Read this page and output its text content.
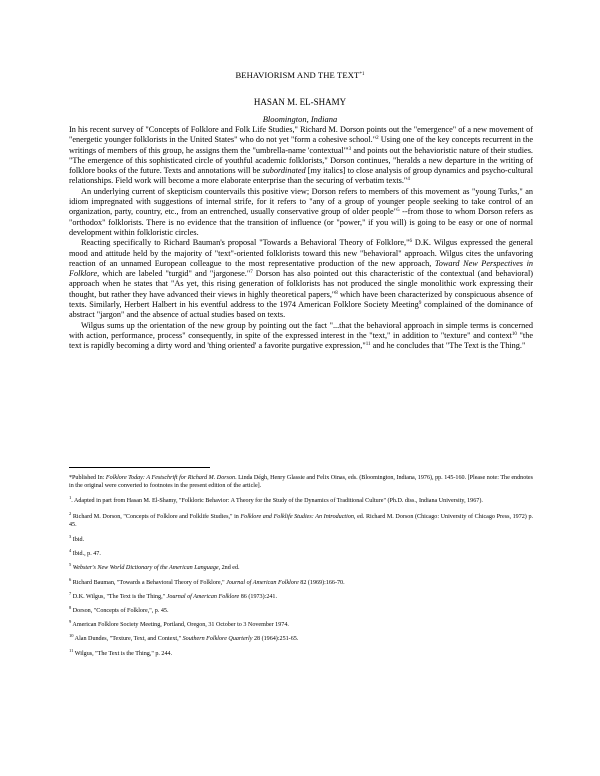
BEHAVIORISM AND THE TEXT$^{*1}$
HASAN M. EL-SHAMY
Bloomington, Indiana

In his recent survey of "Concepts of Folklore and Folk Life Studies," Richard M. Dorson points out the "emergence" of a new movement of "energetic younger folklorists in the United States" who do not yet "form a cohesive school."$^2$ Using one of the key concepts recurrent in the writings of members of this group, he assigns them the "umbrella-name 'contextual'"$^3$ and points out the behavioristic nature of their studies. "The emergence of this sophisticated circle of youthful academic folklorists," Dorson continues, "heralds a new departure in the writing of folklore books of the future. Texts and annotations will be subordinated [my italics] to close analysis of group dynamics and psycho-cultural relationships. Field work will become a more elaborate enterprise than the securing of verbatim texts."$^4$

An underlying current of skepticism countervails this positive view; Dorson refers to members of this movement as "young Turks," an idiom impregnated with suggestions of internal strife, for it refers to "any of a group of younger people seeking to take control of an organization, party, country, etc., from an entrenched, usually conservative group of older people"$^5$ --from those to whom Dorson refers as "orthodox" folklorists. There is no evidence that the transition of influence (or "power," if you will) is going to be easy or one of normal development within folkloristic circles.

Reacting specifically to Richard Bauman's proposal "Towards a Behavioral Theory of Folklore,"$^6$ D.K. Wilgus expressed the general mood and attitude held by the majority of "text"-oriented folklorists toward this new "behavioral" approach. Wilgus cites the unfavoring reaction of an unnamed European colleague to the most representative production of the new approach, Toward New Perspectives in Folklore, which are labeled "turgid" and "jargonese."$^7$ Dorson has also pointed out this characteristic of the contextual (and behavioral) approach when he states that "As yet, this rising generation of folklorists has not produced the single monolithic work expressing their thought, but rather they have advanced their views in highly theoretical papers,"$^8$ which have been characterized by conspicuous absence of texts. Similarly, Herbert Halbert in his eventful address to the 1974 American Folklore Society Meeting$^9$ complained of the dominance of abstract "jargon" and the absence of actual studies based on texts.

Wilgus sums up the orientation of the new group by pointing out the fact "...that the behavioral approach in simple terms is concerned with action, performance, process" consequently, in spite of the expressed interest in the "text," in addition to "texture" and context$^{10}$ "the text is rapidly becoming a dirty word and 'thing oriented' a favorite purgative expression,"$^{11}$ and he concludes that "The Text is the Thing."

*Published In: Folklore Today: A Festschrift for Richard M. Dorson. Linda Dégh, Henry Glassie and Felix Oinas, eds. (Bloomington, Indiana, 1976), pp. 145-160. [Please note: The endnotes in the original were converted to footnotes in the present edition of the article].

$^1$. Adapted in part from Hasan M. El-Shamy, "Folkloric Behavior: A Theory for the Study of the Dynamics of Traditional Culture" (Ph.D. diss., Indiana University, 1967).

$^2$ Richard M. Dorson, "Concepts of Folklore and Folklife Studies," in Folklore and Folklife Studies: An Introduction, ed. Richard M. Dorson (Chicago: University of Chicago Press, 1972) p. 45.

$^3$ Ibid.

$^4$ Ibid., p. 47.

$^5$ Webster's New World Dictionary of the American Language, 2nd ed.

$^6$ Richard Bauman, "Towards a Behavioral Theory of Folklore," Journal of American Folklore 82 (1969):166-70.

$^7$ D.K. Wilgus, "The Text is the Thing," Journal of American Folklore 86 (1973):241.

$^8$ Dorson, "Concepts of Folklore,", p. 45.

$^9$ American Folklore Society Meeting, Portland, Oregon, 31 October to 3 November 1974.

$^{10}$ Alan Dundes, "Texture, Text, and Context," Southern Folklore Quarterly 28 (1964):251-65.

$^{11}$ Wilgus, "The Text is the Thing," p. 244.
